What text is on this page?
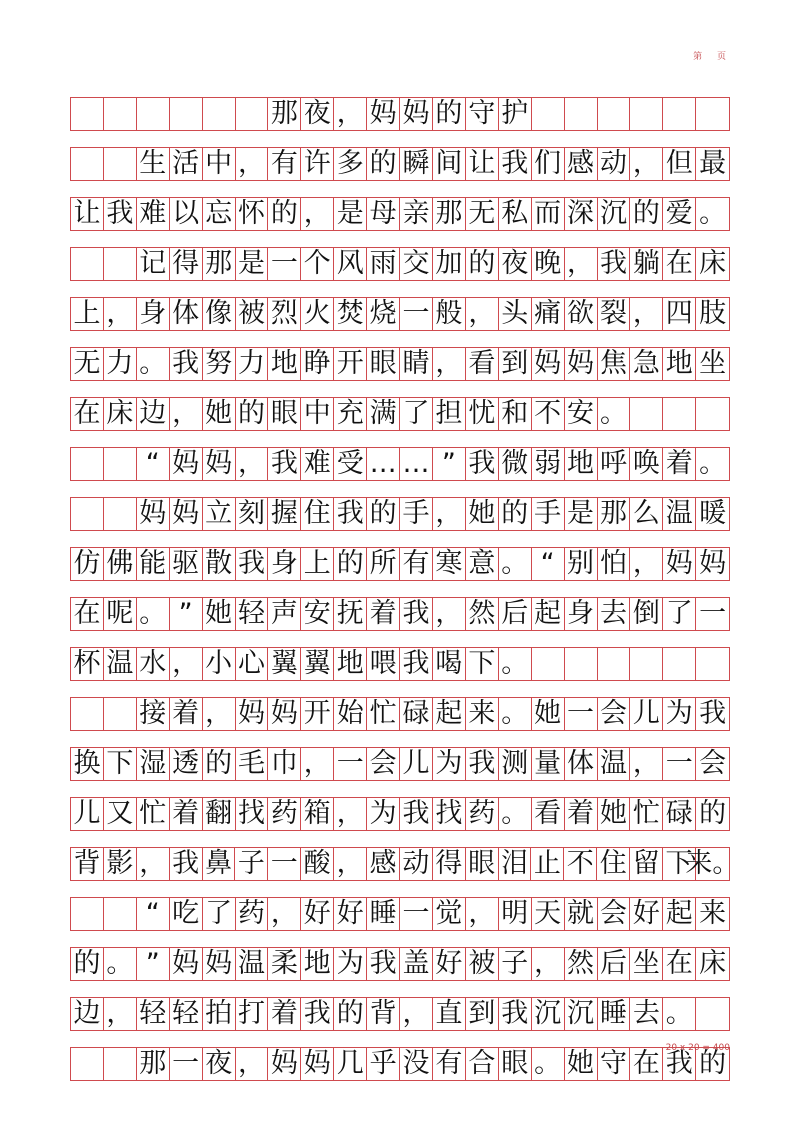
第 页
那 夜 ， 妈 妈 的 守 护
生 活 中 ， 有 许 多 的 瞬 间 让 我 们 感 动 ， 但 最
让 我 难 以 忘 怀 的 ， 是 母 亲 那 无 私 而 深 沉 的 爱 。
记 得 那 是 一 个 风 雨 交 加 的 夜 晚 ， 我 躺 在 床
上 ， 身 体 像 被 烈 火 焚 烧 一 般 ， 头 痛 欲 裂 ， 四 肢
无 力 。 我 努 力 地 睁 开 眼 睛 ， 看 到 妈 妈 焦 急 地 坐
在 床 边 ， 她 的 眼 中 充 满 了 担 忧 和 不 安 。
“ 妈 妈 ， 我 难 受 … … ” 我 微 弱 地 呼 唤 着 。
妈 妈 立 刻 握 住 我 的 手 ， 她 的 手 是 那 么 温 暖
仿 佛 能 驱 散 我 身 上 的 所 有 寒 意 。 “ 别 怕 ， 妈 妈
在 呢 。 ” 她 轻 声 安 抚 着 我 ， 然 后 起 身 去 倒 了 一
杯 温 水 ， 小 心 翼 翼 地 喂 我 喝 下 。
接 着 ， 妈 妈 开 始 忙 碌 起 来 。 她 一 会 儿 为 我
换 下 湿 透 的 毛 巾 ， 一 会 儿 为 我 测 量 体 温 ， 一 会
儿 又 忙 着 翻 找 药 箱 ， 为 我 找 药 。 看 着 她 忙 碌 的
背 影 ， 我 鼻 子 一 酸 ， 感 动 得 眼 泪 止 不 住 留 下
来。
“ 吃 了 药 ， 好 好 睡 一 觉 ， 明 天 就 会 好 起 来
的 。 ” 妈 妈 温 柔 地 为 我 盖 好 被 子 ， 然 后 坐 在 床
边 ， 轻 轻 拍 打 着 我 的 背 ， 直 到 我 沉 沉 睡 去 。
那 一 夜 ， 妈 妈 几 乎 没 有 合 眼 。 她 守 在 我 的
20 x 20 = 400
